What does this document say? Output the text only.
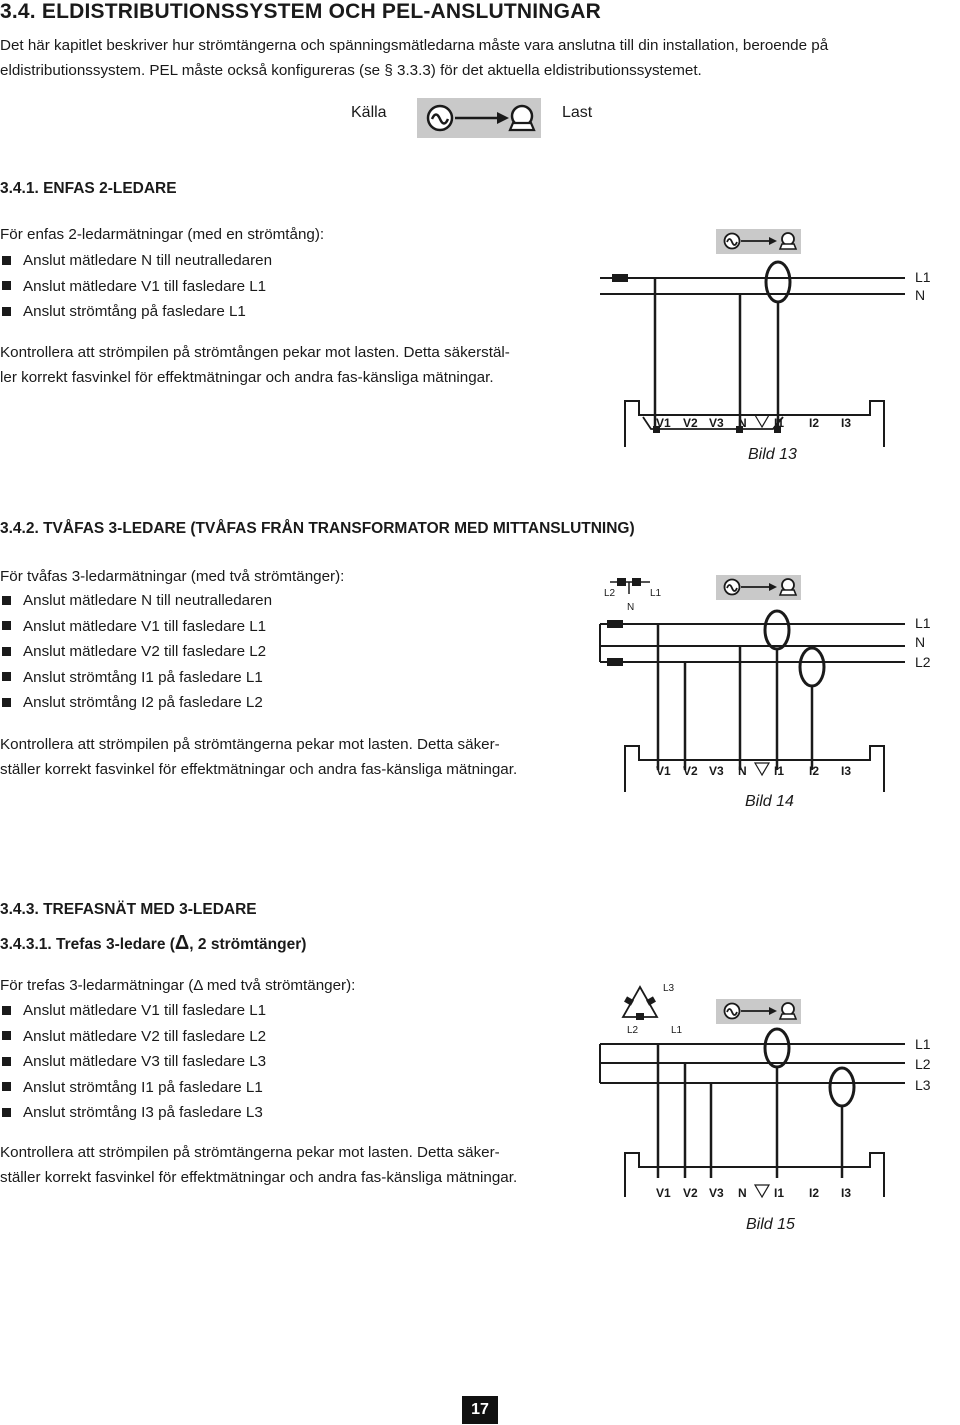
3.4. ELDISTRIBUTIONSSYSTEM OCH PEL-ANSLUTNINGAR
Det här kapitlet beskriver hur strömtängerna och spänningsmätledarna måste vara anslutna till din installation, beroende på
eldistributionssystem. PEL måste också konfigureras (se § 3.3.3) för det aktuella eldistributionssystemet.
Källa	Last
3.4.1. ENFAS 2-LEDARE
För enfas 2-ledarmätningar (med en strömtång):
Anslut mätledare N till neutralledaren
Anslut mätledare V1 till fasledare L1
Anslut strömtång på fasledare L1
Kontrollera att strömpilen på strömtången pekar mot lasten. Detta säkerstäl-
ler korrekt fasvinkel för effektmätningar och andra fas-känsliga mätningar.
V1 V2 V3 N I1 I2 I3
L1
N
Bild 13
3.4.2. TVÅFAS 3-LEDARE (TVÅFAS FRÅN TRANSFORMATOR MED MITTANSLUTNING)
För tvåfas 3-ledarmätningar (med två strömtänger):
Anslut mätledare N till neutralledaren
Anslut mätledare V1 till fasledare L1
Anslut mätledare V2 till fasledare L2
Anslut strömtång I1 på fasledare L1
Anslut strömtång I2 på fasledare L2
Kontrollera att strömpilen på strömtängerna pekar mot lasten. Detta säker-
ställer korrekt fasvinkel för effektmätningar och andra fas-känsliga mätningar.
L2	L1
N
V1 V2 V3 N I1 I2 I3
L1
N
L2
Bild 14
3.4.3. TREFASNÄT MED 3-LEDARE
3.4.3.1. Trefas 3-ledare (Δ, 2 strömtänger)
För trefas 3-ledarmätningar (Δ med två strömtänger):
Anslut mätledare V1 till fasledare L1
Anslut mätledare V2 till fasledare L2
Anslut mätledare V3 till fasledare L3
Anslut strömtång I1 på fasledare L1
Anslut strömtång I3 på fasledare L3
Kontrollera att strömpilen på strömtängerna pekar mot lasten. Detta säker-
ställer korrekt fasvinkel för effektmätningar och andra fas-känsliga mätningar.
L3
L2	L1
V1 V2 V3 N I1 I2 I3
L1
L2
L3
Bild 15
17
